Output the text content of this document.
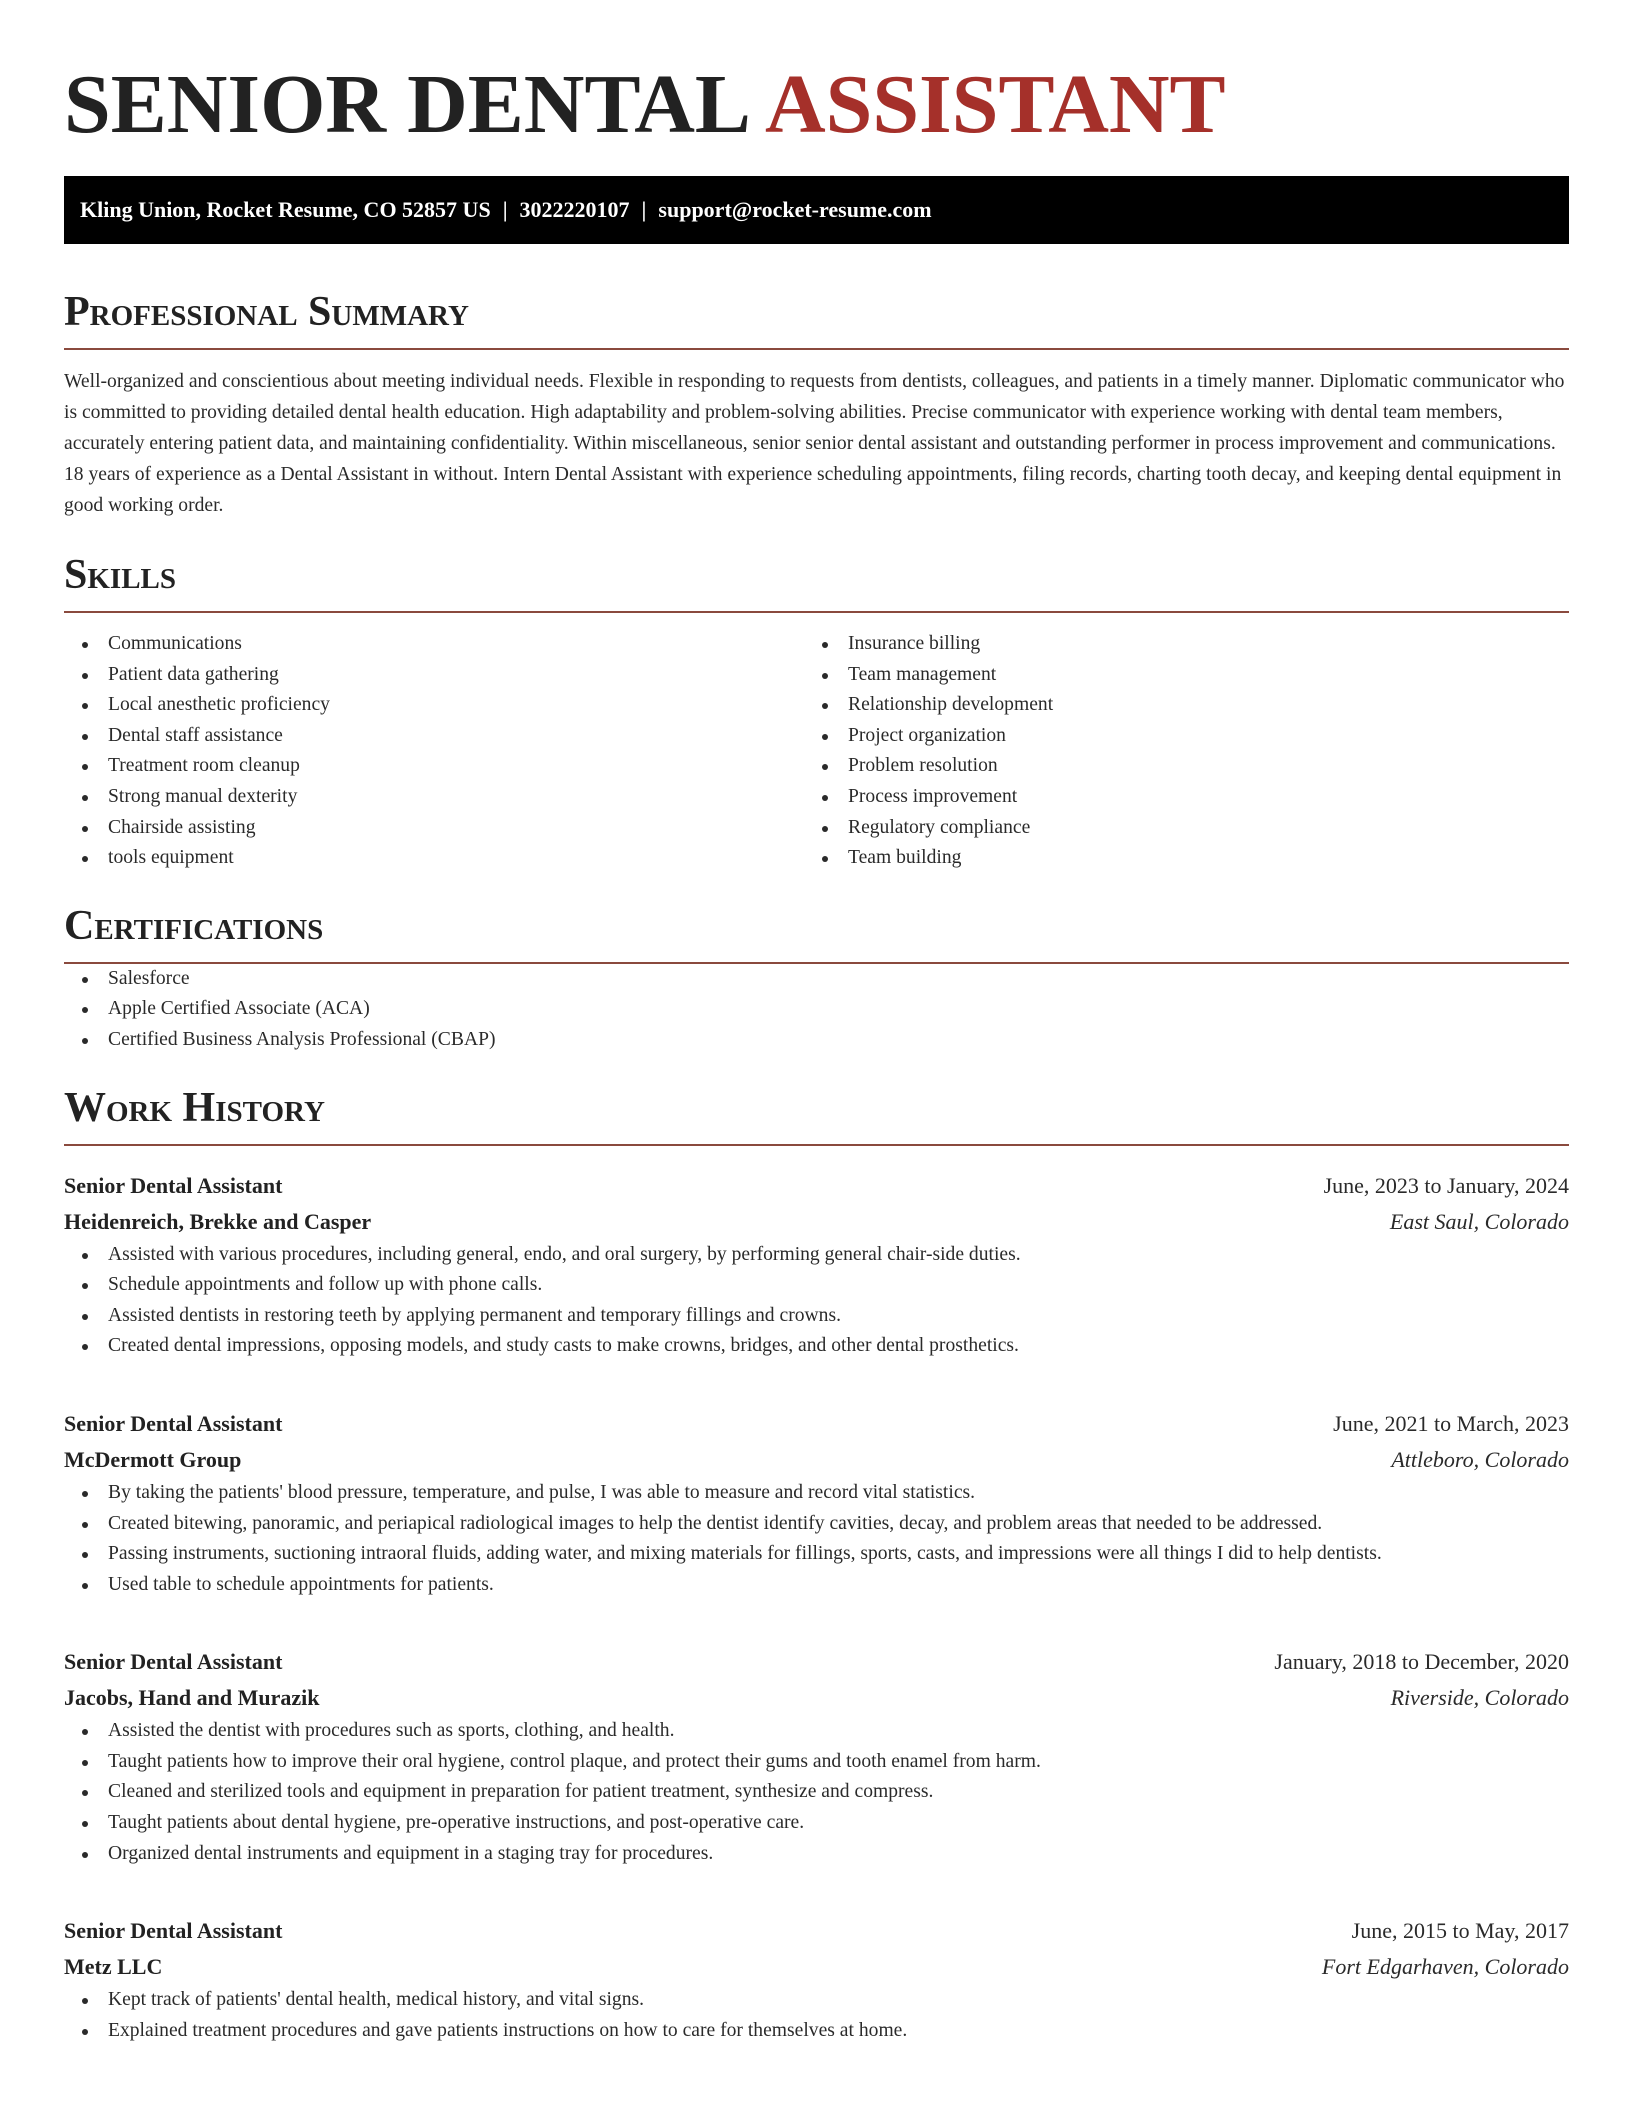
SENIOR DENTAL ASSISTANT
Kling Union, Rocket Resume, CO 52857 US | 3022220107 | support@rocket-resume.com
Professional Summary
Well-organized and conscientious about meeting individual needs. Flexible in responding to requests from dentists, colleagues, and patients in a timely manner. Diplomatic communicator who is committed to providing detailed dental health education. High adaptability and problem-solving abilities. Precise communicator with experience working with dental team members, accurately entering patient data, and maintaining confidentiality. Within miscellaneous, senior senior dental assistant and outstanding performer in process improvement and communications. 18 years of experience as a Dental Assistant in without. Intern Dental Assistant with experience scheduling appointments, filing records, charting tooth decay, and keeping dental equipment in good working order.
Skills
Communications
Patient data gathering
Local anesthetic proficiency
Dental staff assistance
Treatment room cleanup
Strong manual dexterity
Chairside assisting
tools equipment
Insurance billing
Team management
Relationship development
Project organization
Problem resolution
Process improvement
Regulatory compliance
Team building
Certifications
Salesforce
Apple Certified Associate (ACA)
Certified Business Analysis Professional (CBAP)
Work History
Senior Dental Assistant	June, 2023 to January, 2024
Heidenreich, Brekke and Casper	East Saul, Colorado
Assisted with various procedures, including general, endo, and oral surgery, by performing general chair-side duties.
Schedule appointments and follow up with phone calls.
Assisted dentists in restoring teeth by applying permanent and temporary fillings and crowns.
Created dental impressions, opposing models, and study casts to make crowns, bridges, and other dental prosthetics.
Senior Dental Assistant	June, 2021 to March, 2023
McDermott Group	Attleboro, Colorado
By taking the patients' blood pressure, temperature, and pulse, I was able to measure and record vital statistics.
Created bitewing, panoramic, and periapical radiological images to help the dentist identify cavities, decay, and problem areas that needed to be addressed.
Passing instruments, suctioning intraoral fluids, adding water, and mixing materials for fillings, sports, casts, and impressions were all things I did to help dentists.
Used table to schedule appointments for patients.
Senior Dental Assistant	January, 2018 to December, 2020
Jacobs, Hand and Murazik	Riverside, Colorado
Assisted the dentist with procedures such as sports, clothing, and health.
Taught patients how to improve their oral hygiene, control plaque, and protect their gums and tooth enamel from harm.
Cleaned and sterilized tools and equipment in preparation for patient treatment, synthesize and compress.
Taught patients about dental hygiene, pre-operative instructions, and post-operative care.
Organized dental instruments and equipment in a staging tray for procedures.
Senior Dental Assistant	June, 2015 to May, 2017
Metz LLC	Fort Edgarhaven, Colorado
Kept track of patients' dental health, medical history, and vital signs.
Explained treatment procedures and gave patients instructions on how to care for themselves at home.
